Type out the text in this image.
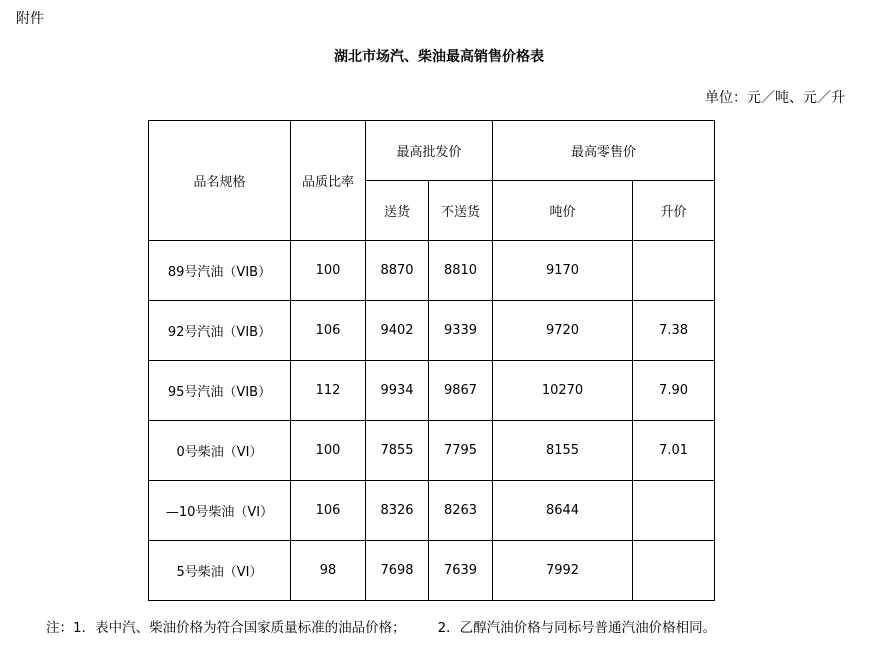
附件
湖北市场汽、柴油最高销售价格表
单位：元／吨、元／升
品名规格	品质比率	最高批发价		最高零售价	
		送货	不送货	吨价	升价
89号汽油（VIB）	100	8870	8810	9170	
92号汽油（VIB）	106	9402	9339	9720	7.38
95号汽油（VIB）	112	9934	9867	10270	7.90
0号柴油（VI）	100	7855	7795	8155	7.01
—10号柴油（VI）	106	8326	8263	8644	
5号柴油（VI）	98	7698	7639	7992	
注：1．表中汽、柴油价格为符合国家质量标准的油品价格； 2．乙醇汽油价格与同标号普通汽油价格相同。
